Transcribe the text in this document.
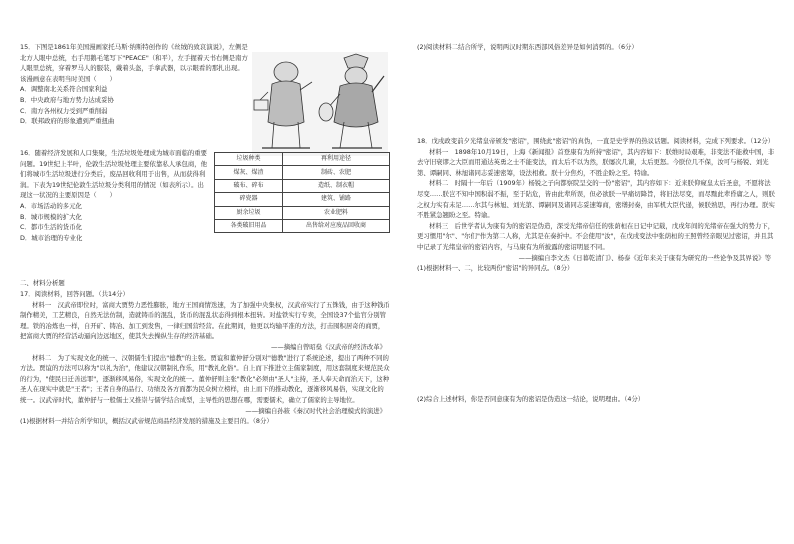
15．下图是1861年美国漫画家托马斯·纳斯特创作的《丝绒的致哀演说》，左侧是北方人眼中总统，右手用鹅毛笔写下"PEACE"（和平），左手握着天书右侧是南方人眼里总统，穿着罗马人的服装，戴着头盔，手拿武器，以示眼看的那扎出现。该漫画意在表明当时美国（　　）

A．调整南北关系符合国家利益

B．中央政府与地方势力达成妥协

C．南方各州权力受到严重削弱

D．联邦政府的形象遭到严重扭曲

16．随着经济发展和人口集聚，生活垃圾处理成为城市面临的重要问题。19世纪上半叶，伦敦生活垃圾处理主要依靠私人承包商，他们将城市生活垃圾进行分类后，废品回收利用于出售，从而获得利润。下表为19世纪伦敦生活垃圾分类利用的情况（如表所示）。出现这一状况的主要原因是（　　）

A．市场活动的多元化

B．城市规模的扩大化

C．都市生活的货币化

D．城市治理的专业化

垃圾种类	再利用途径
煤灰、煤渣	制砖、农肥
破布、碎布	造纸、制衣帽
碎瓷器	建筑、铺路
厨余垃圾	农业肥料
各类破旧用品	出售给对应废品回收商

二、材料分析题

17．阅读材料，回答问题。（共14分）

材料一　 汉武帝即位时，富商大贾势力恶性膨胀，地方王国商情迭速，为了加强中央集权，汉武帝实行了五铢钱，由于这种钱币制作精美，工艺精良，自然无法仿制，造就铸币的混乱，货币的混乱状态得到根本扭转。对盐铁实行专卖，全国设37个盐官分别管理。铁的冶炼也一样，自开矿、铸冶、加工到发售，一律归国营经营。在此期间，他更以均输平准的方法，打击囤积居奇的商贾，把富商大贾的经营活动逼向边远地区，使其失去操纵生存的经济基础。

——摘编自曾昭燊《汉武帝的经济改革》

材料二　 为了实现文化的统一、汉朝儒生们提出"德教"的主张。贾谊和董仲舒分别对"德教"进行了系统论述，提出了两种不同的方法。贾谊的方法可以称为"以礼为治"，他建议汉朝制礼作乐，用"教礼化俗"。自上而下推进立主儒家制度，用这套制度来规范民众的行为，"使民日迁善远罪"，逐渐移风易俗，实现文化的统一。董仲舒则主张"教化"必须由"圣人"主持，圣人奉天命而治天下，这种圣人在现实中就是"王者"；王者自身的品行、功绩及各方面都为民众树立榜样，由上而下的推动教化，逐渐移风易俗，实现文化的统一。汉武帝时代，董仲舒与一般儒士又推崇与儒学结合成型，主导性的思想在哪，需要儒术，确立了儒家的主导地位。

——摘编自孙筱《秦汉时代社会治理模式的演进》

(1)根据材料一并结合所学知识，概括汉武帝规范商品经济发展的措施及主要目的。（8分）

(2)阅读材料二结合所学，说明两汉时期东西部风俗差异是如何消弭的。（6分）

18．戊戌政变前夕光绪皇帝颁发"密诏"，围绕此"密诏"的真伪，一直是史学界的热议话题。阅读材料，完成下列要求。（12分）

材料一　 1898年10月19日，上海《新闻报》首登康有为所持"密诏"，其内容如下：朕维时局艰难，非变法不能救中国，非去守旧衰谬之大臣而用通达英勇之士不能变法，而太后不以为然，朕屡次几谏，太后更怒。今朕位几不保，汝可与杨锐、刘光第、谭嗣同、林旭诸同志妥速密筹，设法相救。朕十分焦灼，不胜企盼之至。特谕。

材料二　 时隔十一年后（1909年）杨锐之子向都察院呈交的一份"密诏"，其内容如下：近来朕仰窥皇太后圣意，不愿将法尽变……朕岂不知中国积弱不振，至于阽危，皆由此辈所误，但必欲朕一早痛切降旨，将旧法尽变，而尽黜此辈昏庸之人，则朕之权力实有未足……尔其与林旭、刘光第、谭嗣同及诸同志妥速筹商，密缮封奏，由军机大臣代递，候朕熟思，再行办理。朕实不胜紧急翘盼之至。特谕。

材料三　 后世学者认为康有为的密诏是伪造，深受光绪帝信任的张荫桓在日记中记载，戊戌年间的光绪帝在强大的势力下，更习惯用"尔"、"尔们"作为第二人称，尤其是在奏折中。不会使用"汝"，在戊戌变法中张荫桓的王照曾经亲眼见过密诏，并且其中记录了光绪皇帝的密诏内容，与马康有为所披露的密诏明显不同。

——摘编自李文杰《日暮乾清门》、杨泰《近年来关于康有为研究的一些论争及其界说》等

(1)根据材料一、二，比较两份"密诏"的异同点。（8分）

(2)综合上述材料，你是否同意康有为的密诏是伪造这一结论，说明理由。（4分）
